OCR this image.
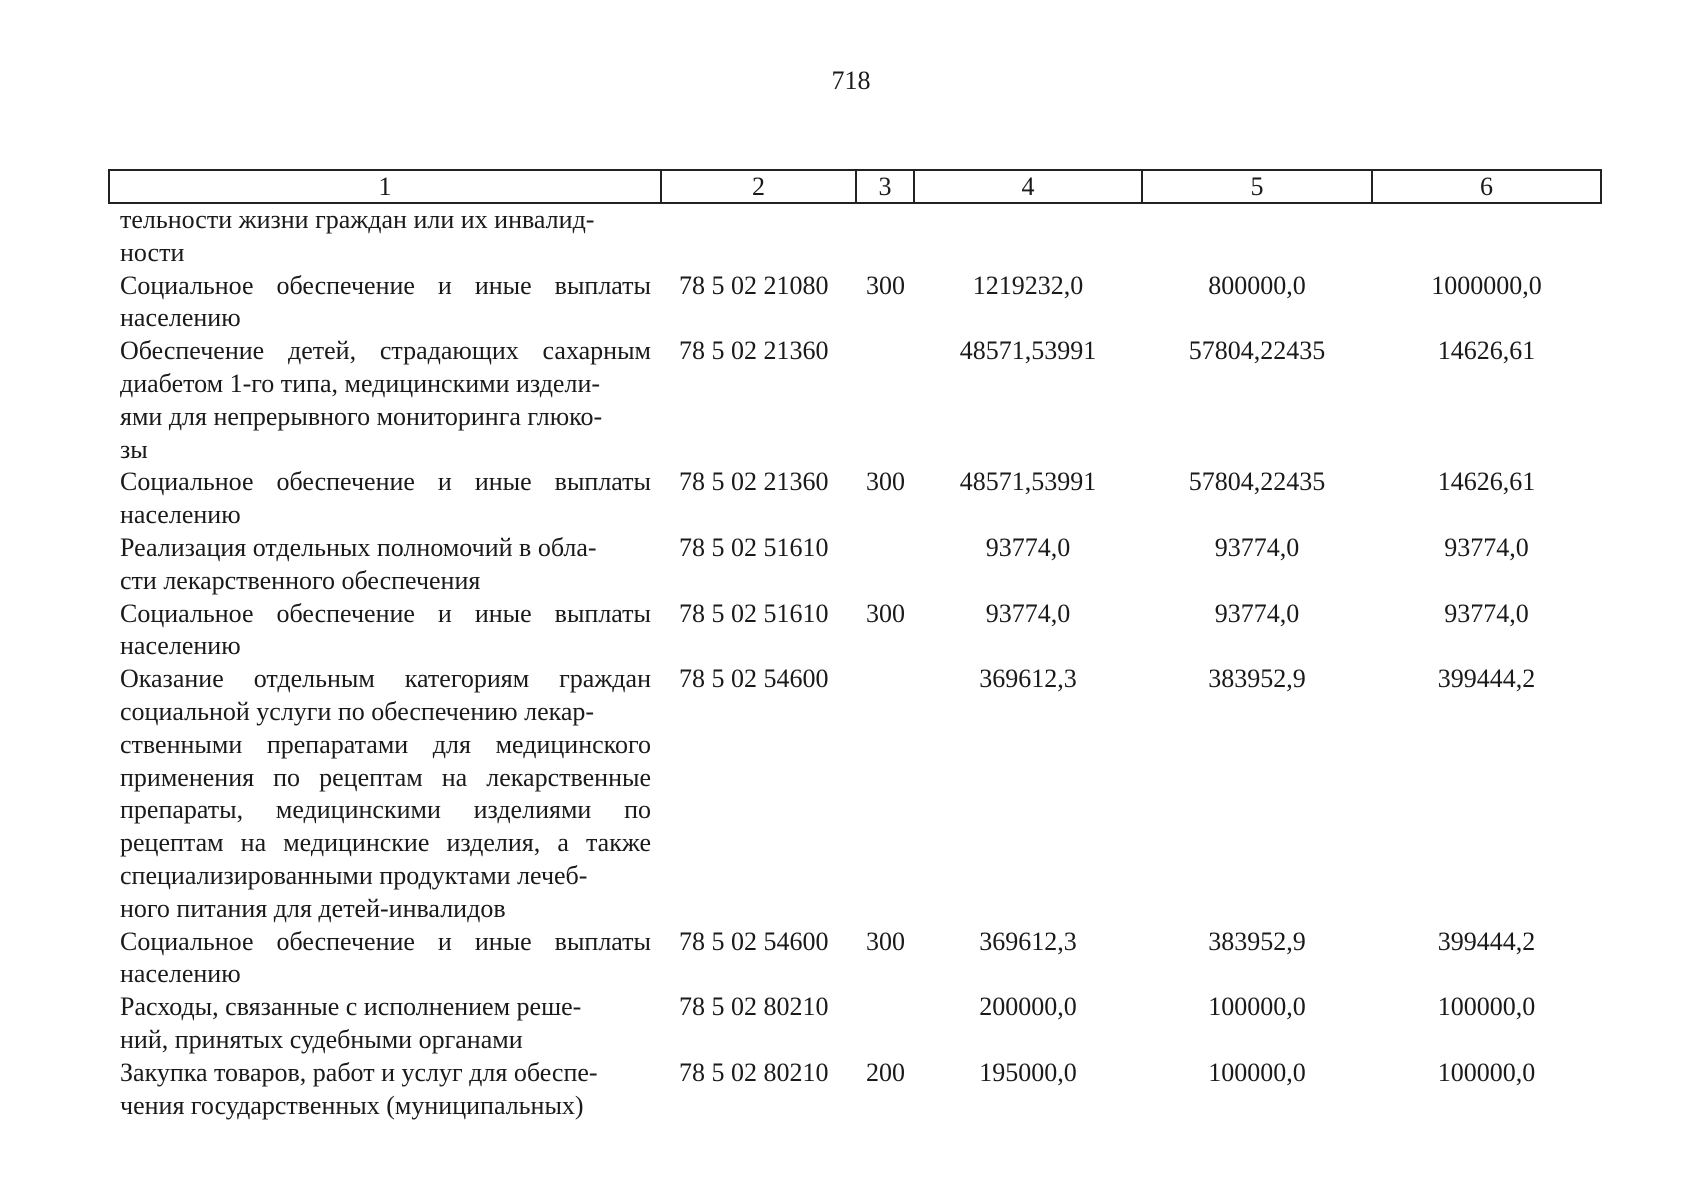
718
1	2	3	4	5	6
тельности жизни граждан или их инвалид-
ности					
Социальное обеспечение и иные выплаты населению	78 5 02 21080	300	1219232,0	800000,0	1000000,0
Обеспечение детей, страдающих сахарным диабетом 1-го типа, медицинскими издели-
ями для непрерывного мониторинга глюко-
зы	78 5 02 21360		48571,53991	57804,22435	14626,61
Социальное обеспечение и иные выплаты населению	78 5 02 21360	300	48571,53991	57804,22435	14626,61
Реализация отдельных полномочий в обла-
сти лекарственного обеспечения	78 5 02 51610		93774,0	93774,0	93774,0
Социальное обеспечение и иные выплаты населению	78 5 02 51610	300	93774,0	93774,0	93774,0
Оказание отдельным категориям граждан социальной услуги по обеспечению лекар-
ственными препаратами для медицинского применения по рецептам на лекарственные препараты, медицинскими изделиями по рецептам на медицинские изделия, а также специализированными продуктами лечеб-
ного питания для детей-инвалидов	78 5 02 54600		369612,3	383952,9	399444,2
Социальное обеспечение и иные выплаты населению	78 5 02 54600	300	369612,3	383952,9	399444,2
Расходы, связанные с исполнением реше-
ний, принятых судебными органами	78 5 02 80210		200000,0	100000,0	100000,0
Закупка товаров, работ и услуг для обеспе-
чения государственных (муниципальных)	78 5 02 80210	200	195000,0	100000,0	100000,0
